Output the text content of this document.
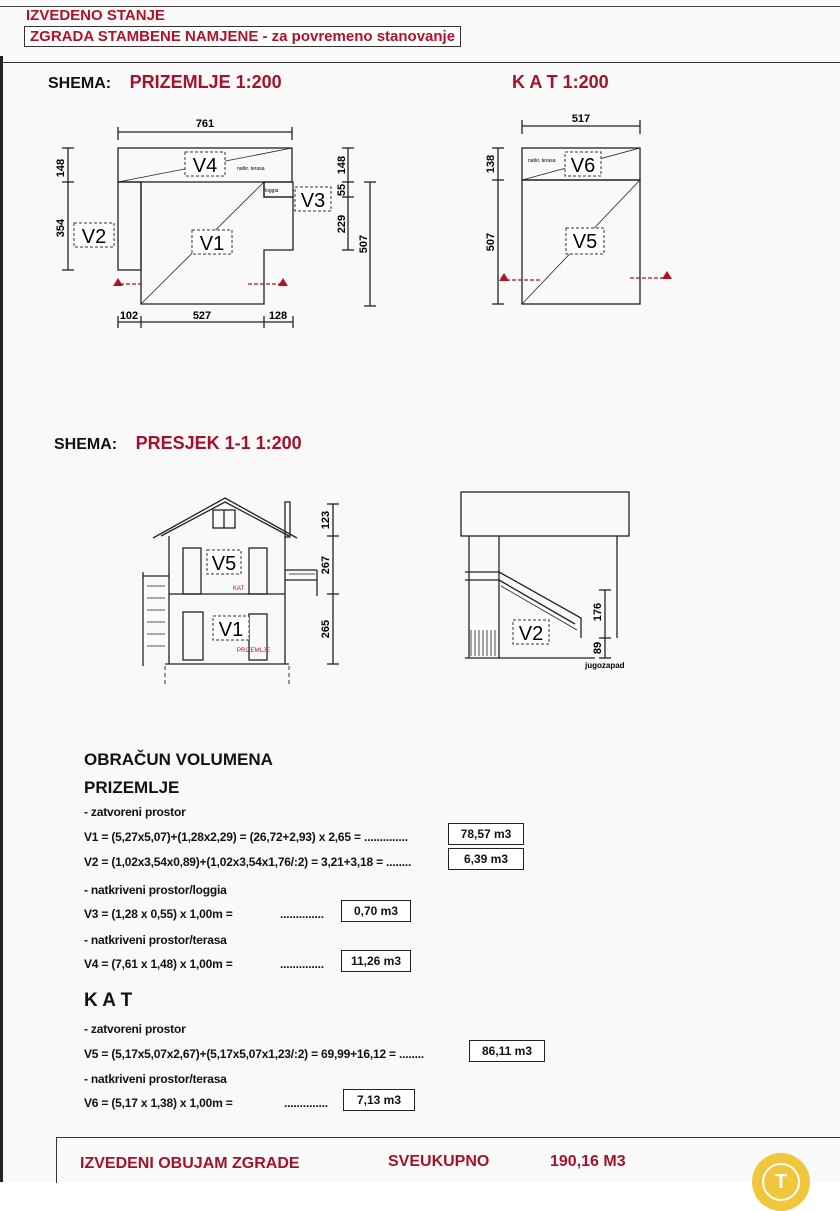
IZVEDENO STANJE
ZGRADA STAMBENE NAMJENE - za povremeno stanovanje
SHEMA: PRIZEMLJE 1:200	K A T 1:200
V4
V3
V2	V1
natkr. terasa
loggia
761
148
354
148
55
229
507
102	527	128
V6
V5
natkr. terasa
517
138
507
SHEMA: PRESJEK 1-1 1:200
V5
V1
KAT
PRIZEMLJE
123
267
265	V2
176
89
jugozapad
OBRAČUN VOLUMENA
PRIZEMLJE
- zatvoreni prostor
V1 = (5,27x5,07)+(1,28x2,29) = (26,72+2,93) x 2,65 = ..............	78,57 m3
V2 = (1,02x3,54x0,89)+(1,02x3,54x1,76/:2) = 3,21+3,18 = ........	6,39 m3
- natkriveni prostor/loggia
V3 = (1,28 x 0,55) x 1,00m =	..............	0,70 m3
- natkriveni prostor/terasa
V4 = (7,61 x 1,48) x 1,00m =	..............	11,26 m3
K A T
- zatvoreni prostor
V5 = (5,17x5,07x2,67)+(5,17x5,07x1,23/:2) = 69,99+16,12 = ........	86,11 m3
- natkriveni prostor/terasa
V6 = (5,17 x 1,38) x 1,00m =	..............	7,13 m3
IZVEDENI OBUJAM ZGRADE	SVEUKUPNO	190,16 M3
T
